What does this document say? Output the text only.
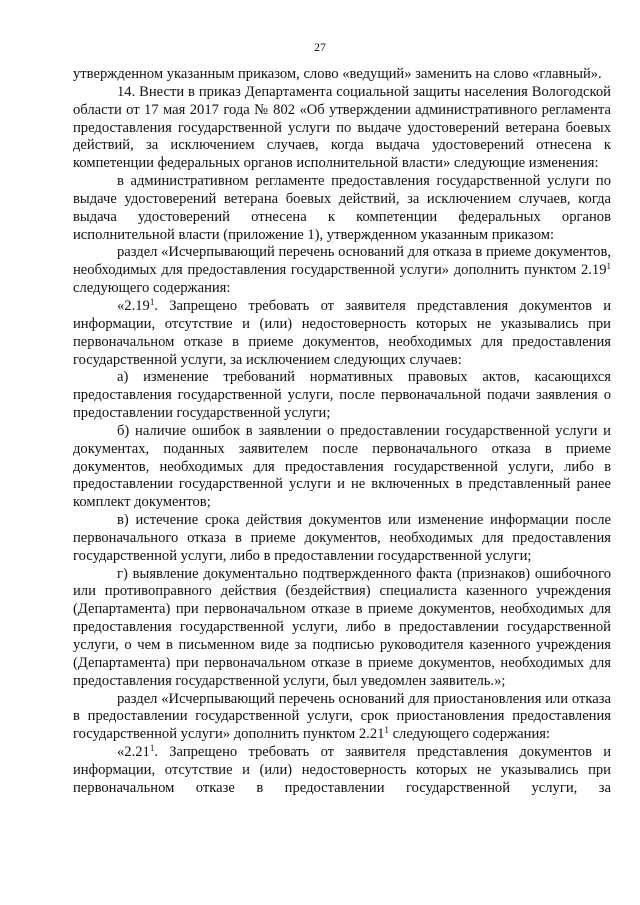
27

утвержденном указанным приказом, слово «ведущий» заменить на слово «главный».

14. Внести в приказ Департамента социальной защиты населения Вологодской области от 17 мая 2017 года № 802 «Об утверждении административного регламента предоставления государственной услуги по выдаче удостоверений ветерана боевых действий, за исключением случаев, когда выдача удостоверений отнесена к компетенции федеральных органов исполнительной власти» следующие изменения:

в административном регламенте предоставления государственной услуги по выдаче удостоверений ветерана боевых действий, за исключением случаев, когда выдача удостоверений отнесена к компетенции федеральных органов исполнительной власти (приложение 1), утвержденном указанным приказом:

раздел «Исчерпывающий перечень оснований для отказа в приеме документов, необходимых для предоставления государственной услуги» дополнить пунктом 2.19$^1$ следующего содержания:

«2.19$^1$. Запрещено требовать от заявителя представления документов и информации, отсутствие и (или) недостоверность которых не указывались при первоначальном отказе в приеме документов, необходимых для предоставления государственной услуги, за исключением следующих случаев:

а) изменение требований нормативных правовых актов, касающихся предоставления государственной услуги, после первоначальной подачи заявления о предоставлении государственной услуги;

б) наличие ошибок в заявлении о предоставлении государственной услуги и документах, поданных заявителем после первоначального отказа в приеме документов, необходимых для предоставления государственной услуги, либо в предоставлении государственной услуги и не включенных в представленный ранее комплект документов;

в) истечение срока действия документов или изменение информации после первоначального отказа в приеме документов, необходимых для предоставления государственной услуги, либо в предоставлении государственной услуги;

г) выявление документально подтвержденного факта (признаков) ошибочного или противоправного действия (бездействия) специалиста казенного учреждения (Департамента) при первоначальном отказе в приеме документов, необходимых для предоставления государственной услуги, либо в предоставлении государственной услуги, о чем в письменном виде за подписью руководителя казенного учреждения (Департамента) при первоначальном отказе в приеме документов, необходимых для предоставления государственной услуги, был уведомлен заявитель.»;

раздел «Исчерпывающий перечень оснований для приостановления или отказа в предоставлении государственной услуги, срок приостановления предоставления государственной услуги» дополнить пунктом 2.21$^1$ следующего содержания:

«2.21$^1$. Запрещено требовать от заявителя представления документов и информации, отсутствие и (или) недостоверность которых не указывались при первоначальном отказе в предоставлении государственной услуги, за
